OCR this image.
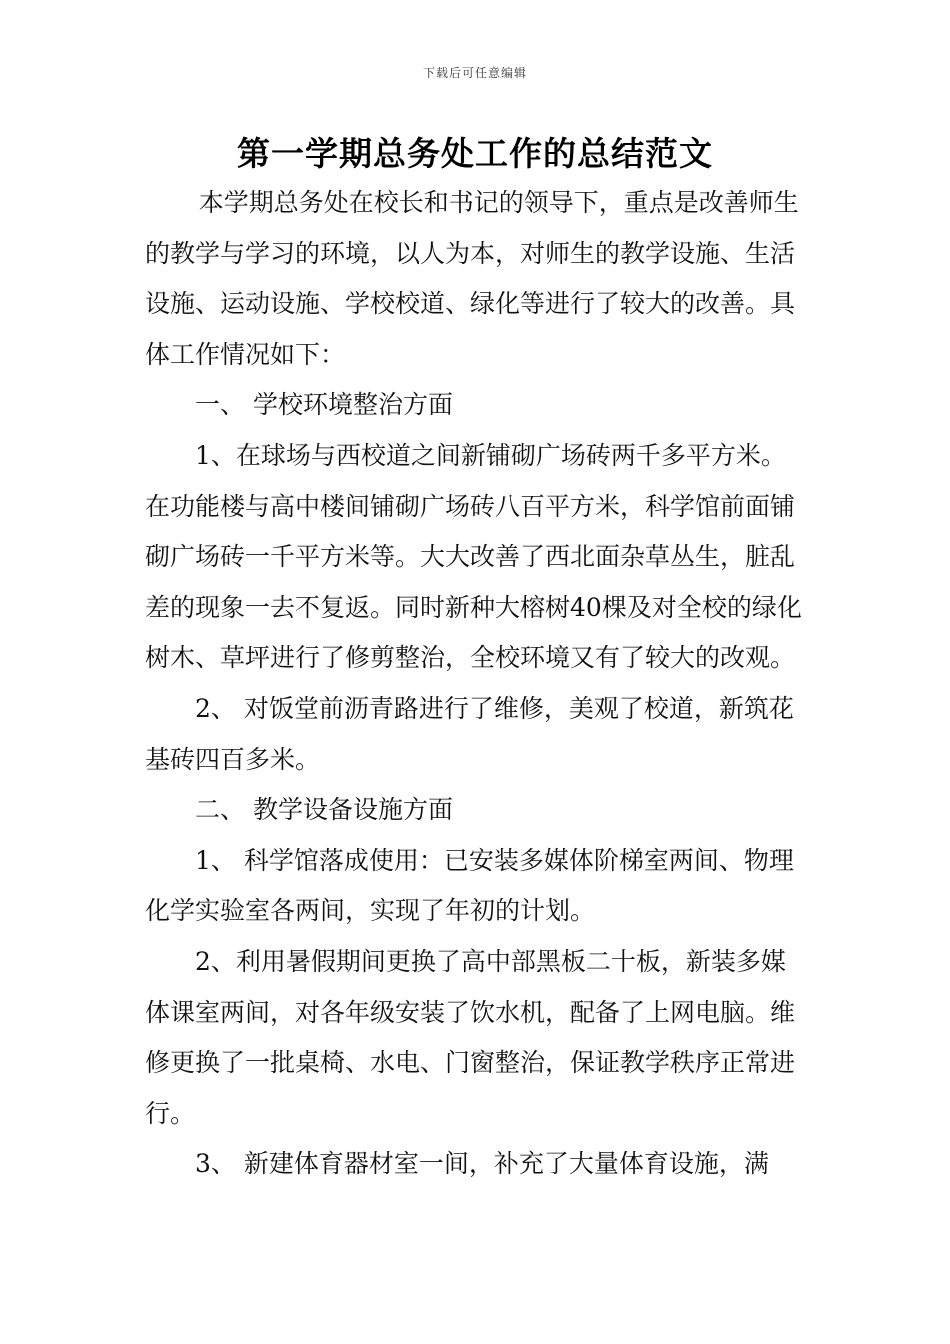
下载后可任意编辑
第一学期总务处工作的总结范文

本学期总务处在校长和书记的领导下，重点是改善师生的教学与学习的环境，以人为本，对师生的教学设施、生活设施、运动设施、学校校道、绿化等进行了较大的改善。具体工作情况如下：

一、 学校环境整治方面

1、在球场与西校道之间新铺砌广场砖两千多平方米。在功能楼与高中楼间铺砌广场砖八百平方米，科学馆前面铺砌广场砖一千平方米等。大大改善了西北面杂草丛生，脏乱差的现象一去不复返。同时新种大榕树40棵及对全校的绿化树木、草坪进行了修剪整治，全校环境又有了较大的改观。

2、 对饭堂前沥青路进行了维修，美观了校道，新筑花基砖四百多米。

二、 教学设备设施方面

1、 科学馆落成使用：已安装多媒体阶梯室两间、物理化学实验室各两间，实现了年初的计划。

2、利用暑假期间更换了高中部黑板二十板，新装多媒体课室两间，对各年级安装了饮水机，配备了上网电脑。维修更换了一批桌椅、水电、门窗整治，保证教学秩序正常进行。

3、 新建体育器材室一间，补充了大量体育设施，满
